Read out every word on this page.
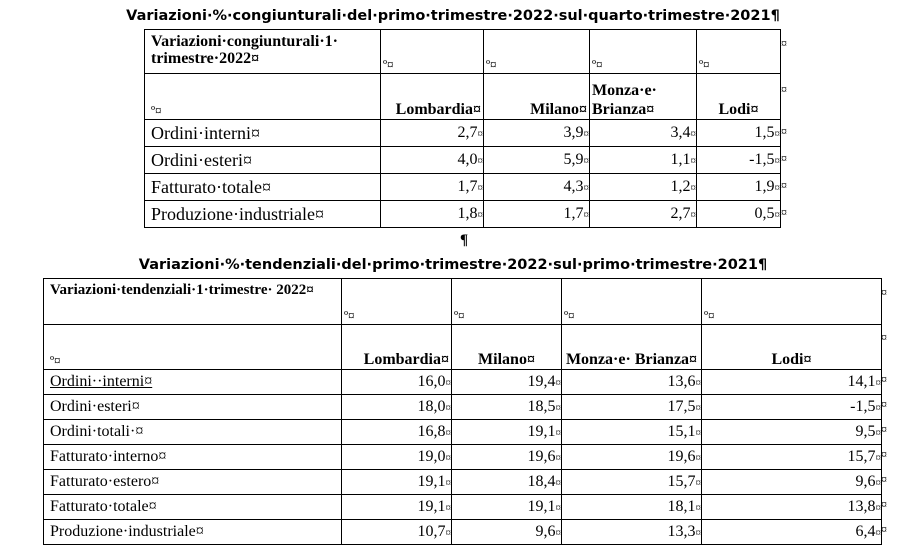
Variazioni·%·congiunturali·del·primo·trimestre·2022·sul·quarto·trimestre·2021¶
Variazioni·congiunturali·1· trimestre·2022¤	º¤	º¤	º¤	º¤
º¤	Lombardia¤	Milano¤	Monza·e· Brianza¤	Lodi¤
Ordini·interni¤	2,7 ¤	3,9 ¤	3,4 ¤	1,5 ¤
Ordini·esteri¤	4,0 ¤	5,9 ¤	1,1 ¤	-1,5 ¤
Fatturato·totale¤	1,7 ¤	4,3 ¤	1,2 ¤	1,9 ¤
Produzione·industriale¤	1,8 ¤	1,7 ¤	2,7 ¤	0,5 ¤
¤
¤
¤
¤
¤
¤
¶
Variazioni·%·tendenziali·del·primo·trimestre·2022·sul·primo·trimestre·2021¶
Variazioni·tendenziali·1·trimestre· 2022¤	º¤	º¤	º¤	º¤
º¤	Lombardia¤	Milano¤	Monza·e· Brianza¤	Lodi¤
Ordini··interni¤	16,0 ¤	19,4 ¤	13,6 ¤	14,1 ¤
Ordini·esteri¤	18,0 ¤	18,5 ¤	17,5 ¤	-1,5 ¤
Ordini·totali·¤	16,8 ¤	19,1 ¤	15,1 ¤	9,5 ¤
Fatturato·interno¤	19,0 ¤	19,6 ¤	19,6 ¤	15,7 ¤
Fatturato·estero¤	19,1 ¤	18,4 ¤	15,7 ¤	9,6 ¤
Fatturato·totale¤	19,1 ¤	19,1 ¤	18,1 ¤	13,8 ¤
Produzione·industriale¤	10,7 ¤	9,6 ¤	13,3 ¤	6,4 ¤
¤
¤
¤
¤
¤
¤
¤
¤
¤
